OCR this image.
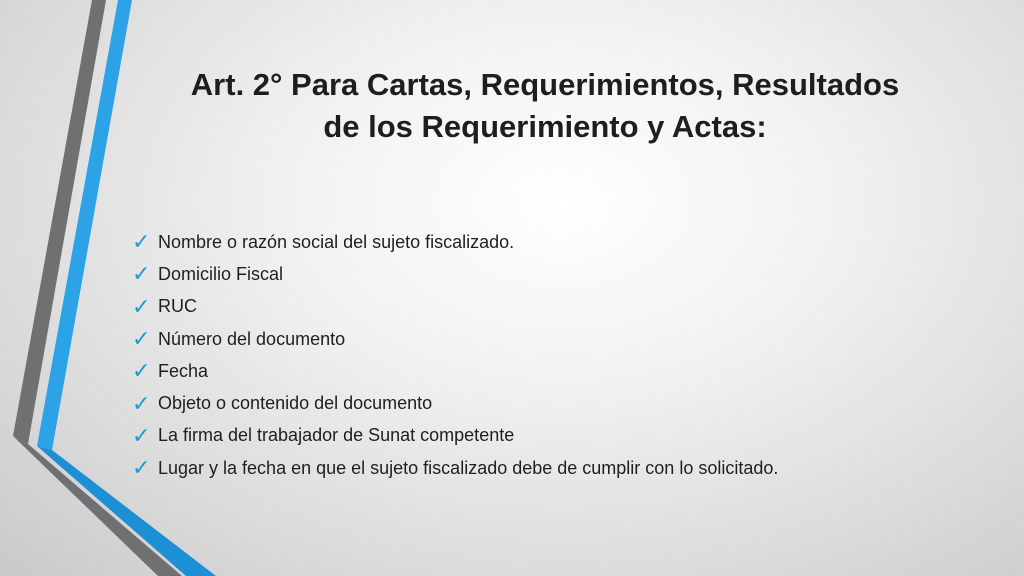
Art. 2° Para Cartas, Requerimientos, Resultados
de los Requerimiento y Actas:
✓ Nombre o razón social del sujeto fiscalizado.
✓ Domicilio Fiscal
✓ RUC
✓ Número del documento
✓ Fecha
✓ Objeto o contenido del documento
✓ La firma del trabajador de Sunat competente
✓ Lugar y la fecha en que el sujeto fiscalizado debe de cumplir con lo solicitado.
